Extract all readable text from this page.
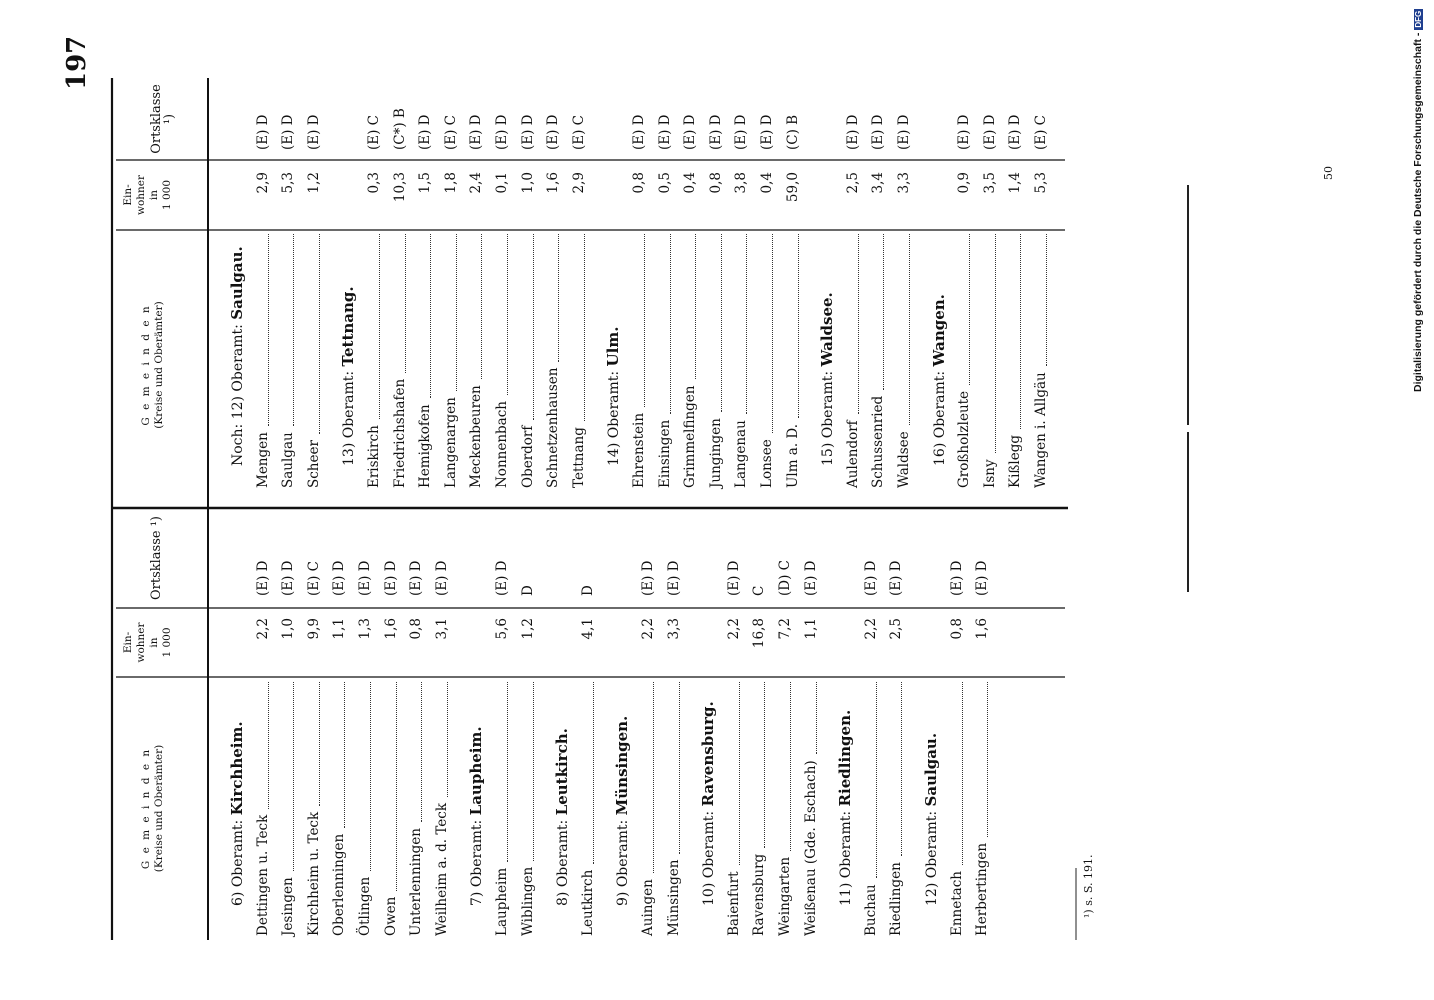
197
G e m e i n d e n (Kreise und Oberämter)
Ein-
wohner
in
1 000
Ortsklasse ¹)
G e m e i n d e n (Kreise und Oberämter)
Ein-
wohner
in
1 000
Ortsklasse ¹)
6) Oberamt: Kirchheim.
Dettingen u. Teck
2,2
(E) D
Jesingen
1,0
(E) D
Kirchheim u. Teck
9,9
(E) C
Oberlenningen
1,1
(E) D
Ötlingen
1,3
(E) D
Owen
1,6
(E) D
Unterlenningen
0,8
(E) D
Weilheim a. d. Teck
3,1
(E) D
7) Oberamt: Laupheim.
Laupheim
5,6
(E) D
Wiblingen
1,2
D
8) Oberamt: Leutkirch.
Leutkirch
4,1
D
9) Oberamt: Münsingen.
Auingen
2,2
(E) D
Münsingen
3,3
(E) D
10) Oberamt: Ravensburg.
Baienfurt
2,2
(E) D
Ravensburg
16,8
C
Weingarten
7,2
(D) C
Weißenau (Gde. Eschach)
1,1
(E) D
11) Oberamt: Riedlingen.
Buchau
2,2
(E) D
Riedlingen
2,5
(E) D
12) Oberamt: Saulgau.
Ennetach
0,8
(E) D
Herbertingen
1,6
(E) D
Noch: 12) Oberamt: Saulgau.
Mengen
2,9
(E) D
Saulgau
5,3
(E) D
Scheer
1,2
(E) D
13) Oberamt: Tettnang.
Eriskirch
0,3
(E) C
Friedrichshafen
10,3
(C*) B
Hemigkofen
1,5
(E) D
Langenargen
1,8
(E) C
Meckenbeuren
2,4
(E) D
Nonnenbach
0,1
(E) D
Oberdorf
1,0
(E) D
Schnetzenhausen
1,6
(E) D
Tettnang
2,9
(E) C
14) Oberamt: Ulm.
Ehrenstein
0,8
(E) D
Einsingen
0,5
(E) D
Grimmelfingen
0,4
(E) D
Jungingen
0,8
(E) D
Langenau
3,8
(E) D
Lonsee
0,4
(E) D
Ulm a. D.
59,0
(C) B
15) Oberamt: Waldsee.
Aulendorf
2,5
(E) D
Schussenried
3,4
(E) D
Waldsee
3,3
(E) D
16) Oberamt: Wangen.
Großholzleute
0,9
(E) D
Isny
3,5
(E) D
Kißlegg
1,4
(E) D
Wangen i. Allgäu
5,3
(E) C
¹) s. S. 191.
50	Digitalisierung gefördert durch die Deutsche Forschungsgemeinschaft -DFG
